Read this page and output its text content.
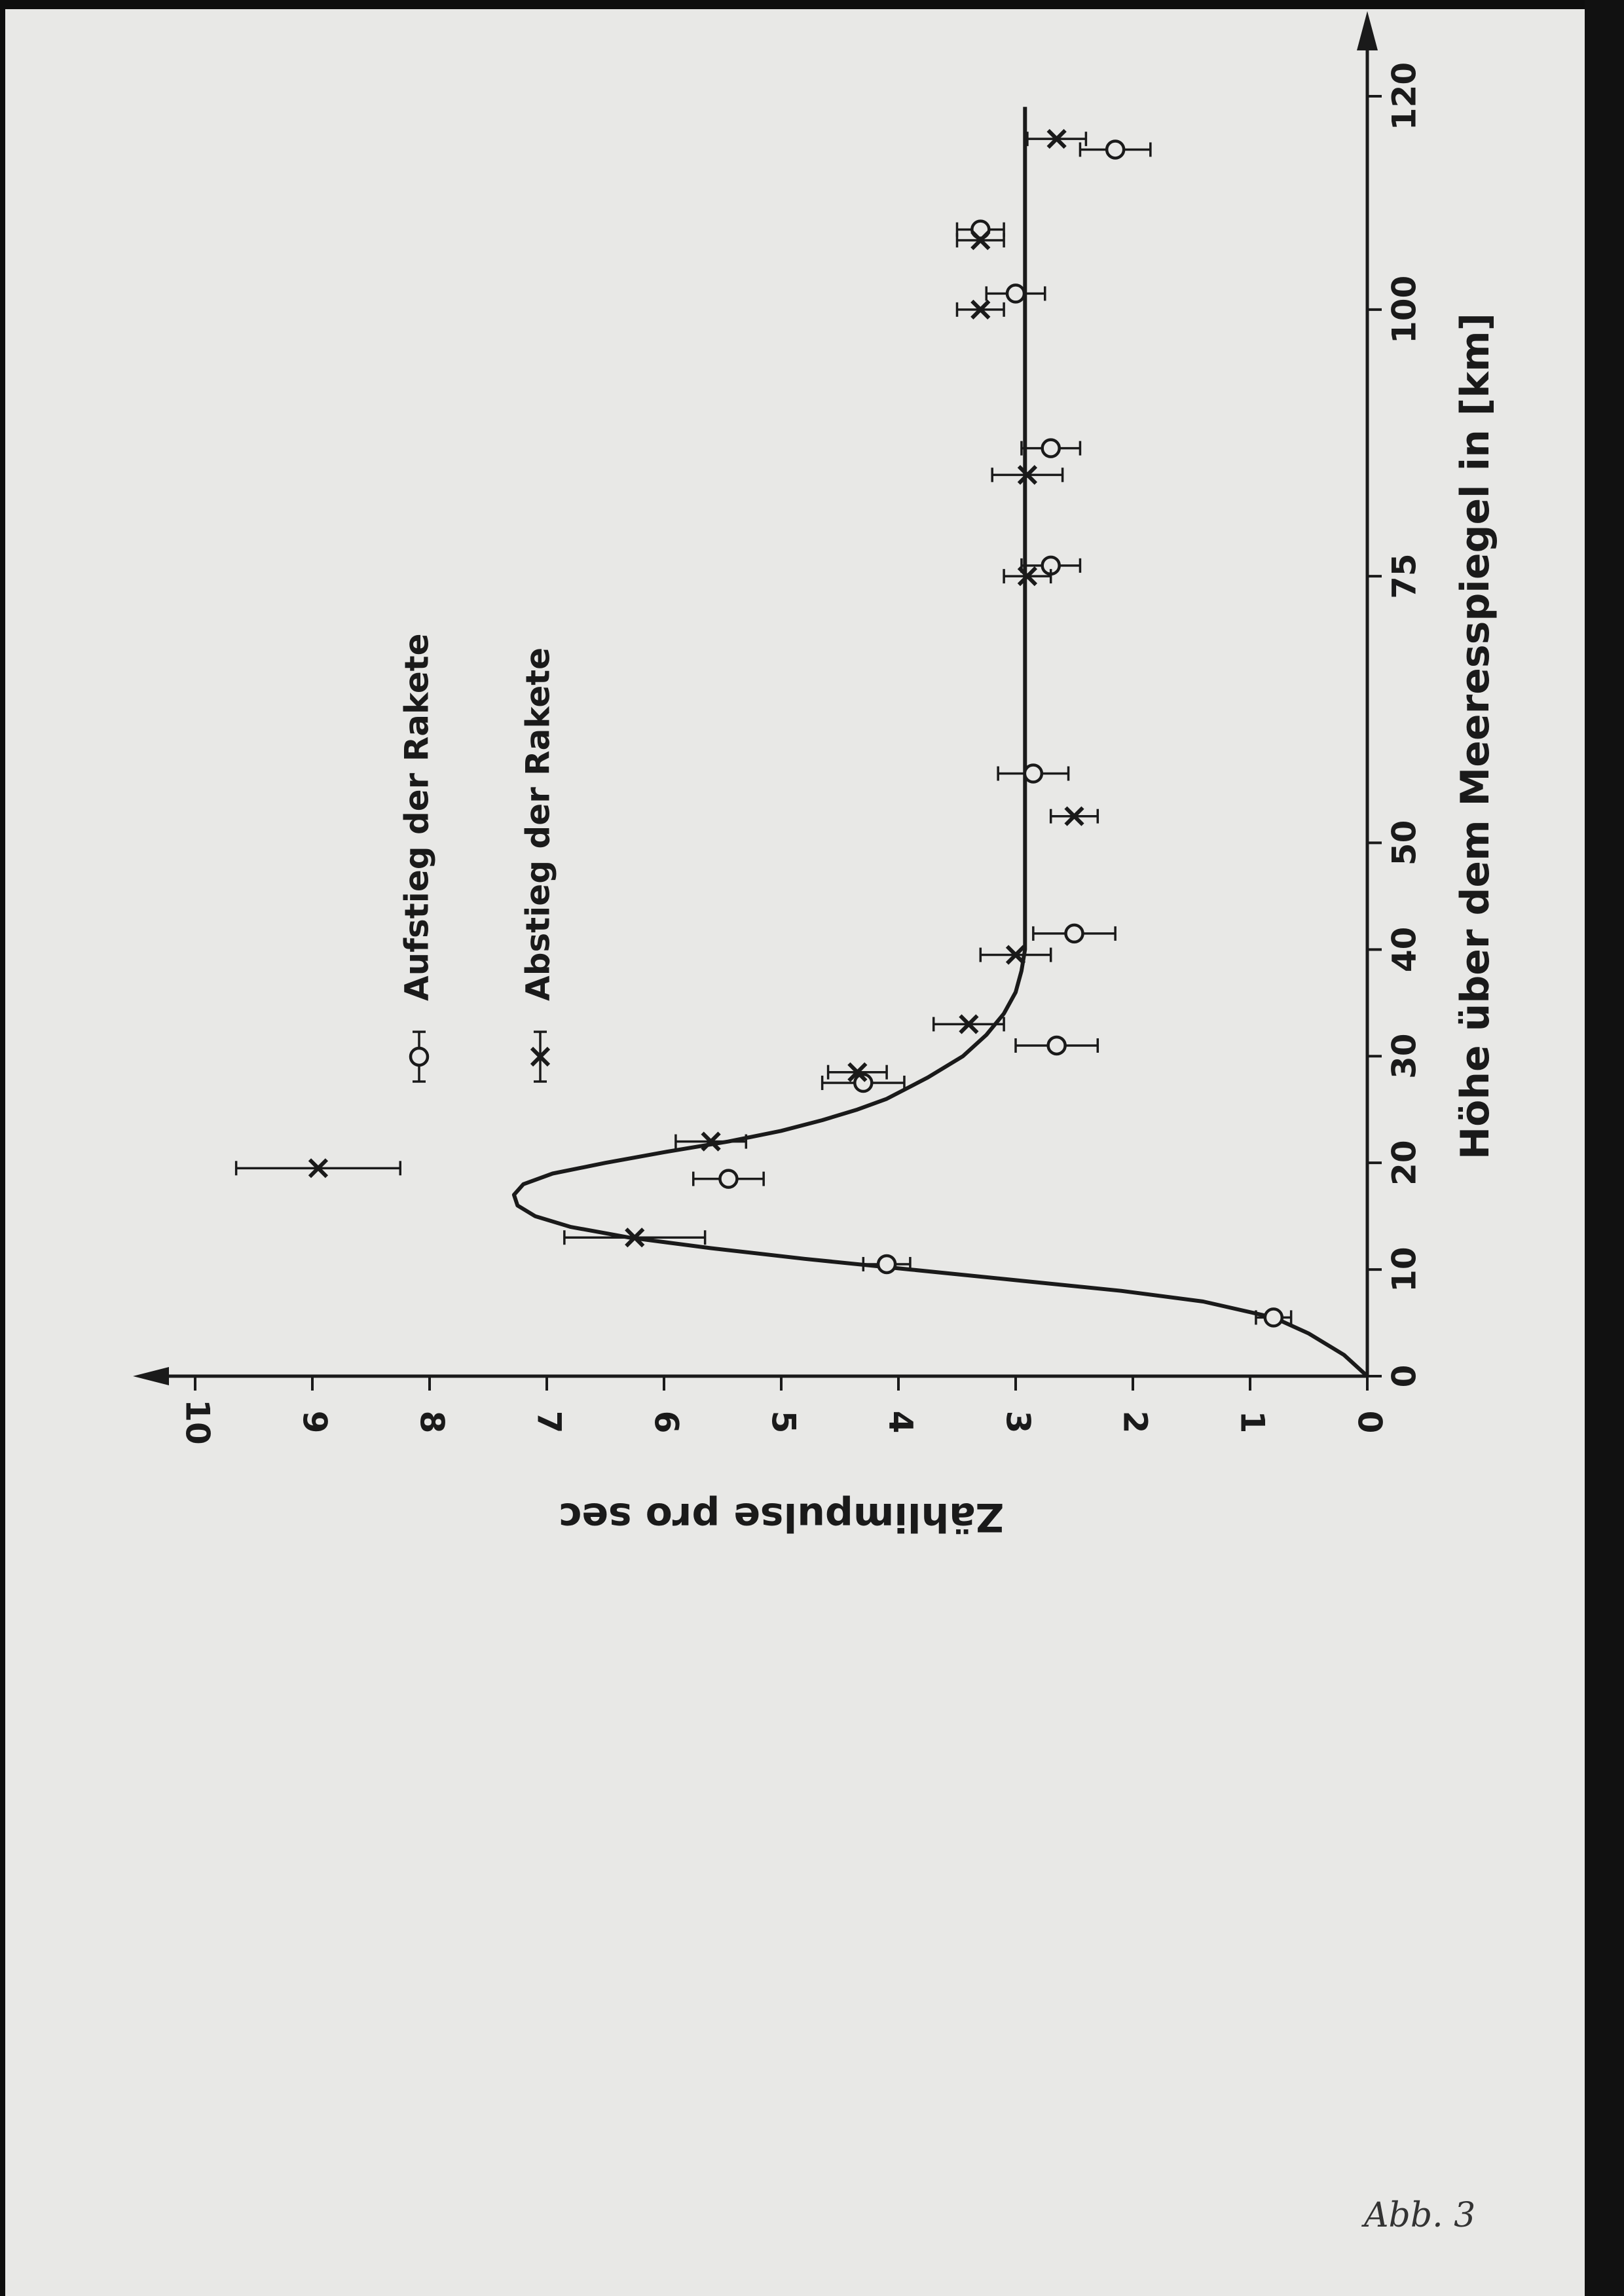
0
10
20
30
40
50
75
100
120
0
1
2
3
4
5
6
7
8
9
10
Aufstieg der Rakete	Abstieg der Rakete
Zählimpulse pro sec
Höhe über dem Meeresspiegel in [km]
Abb. 3
